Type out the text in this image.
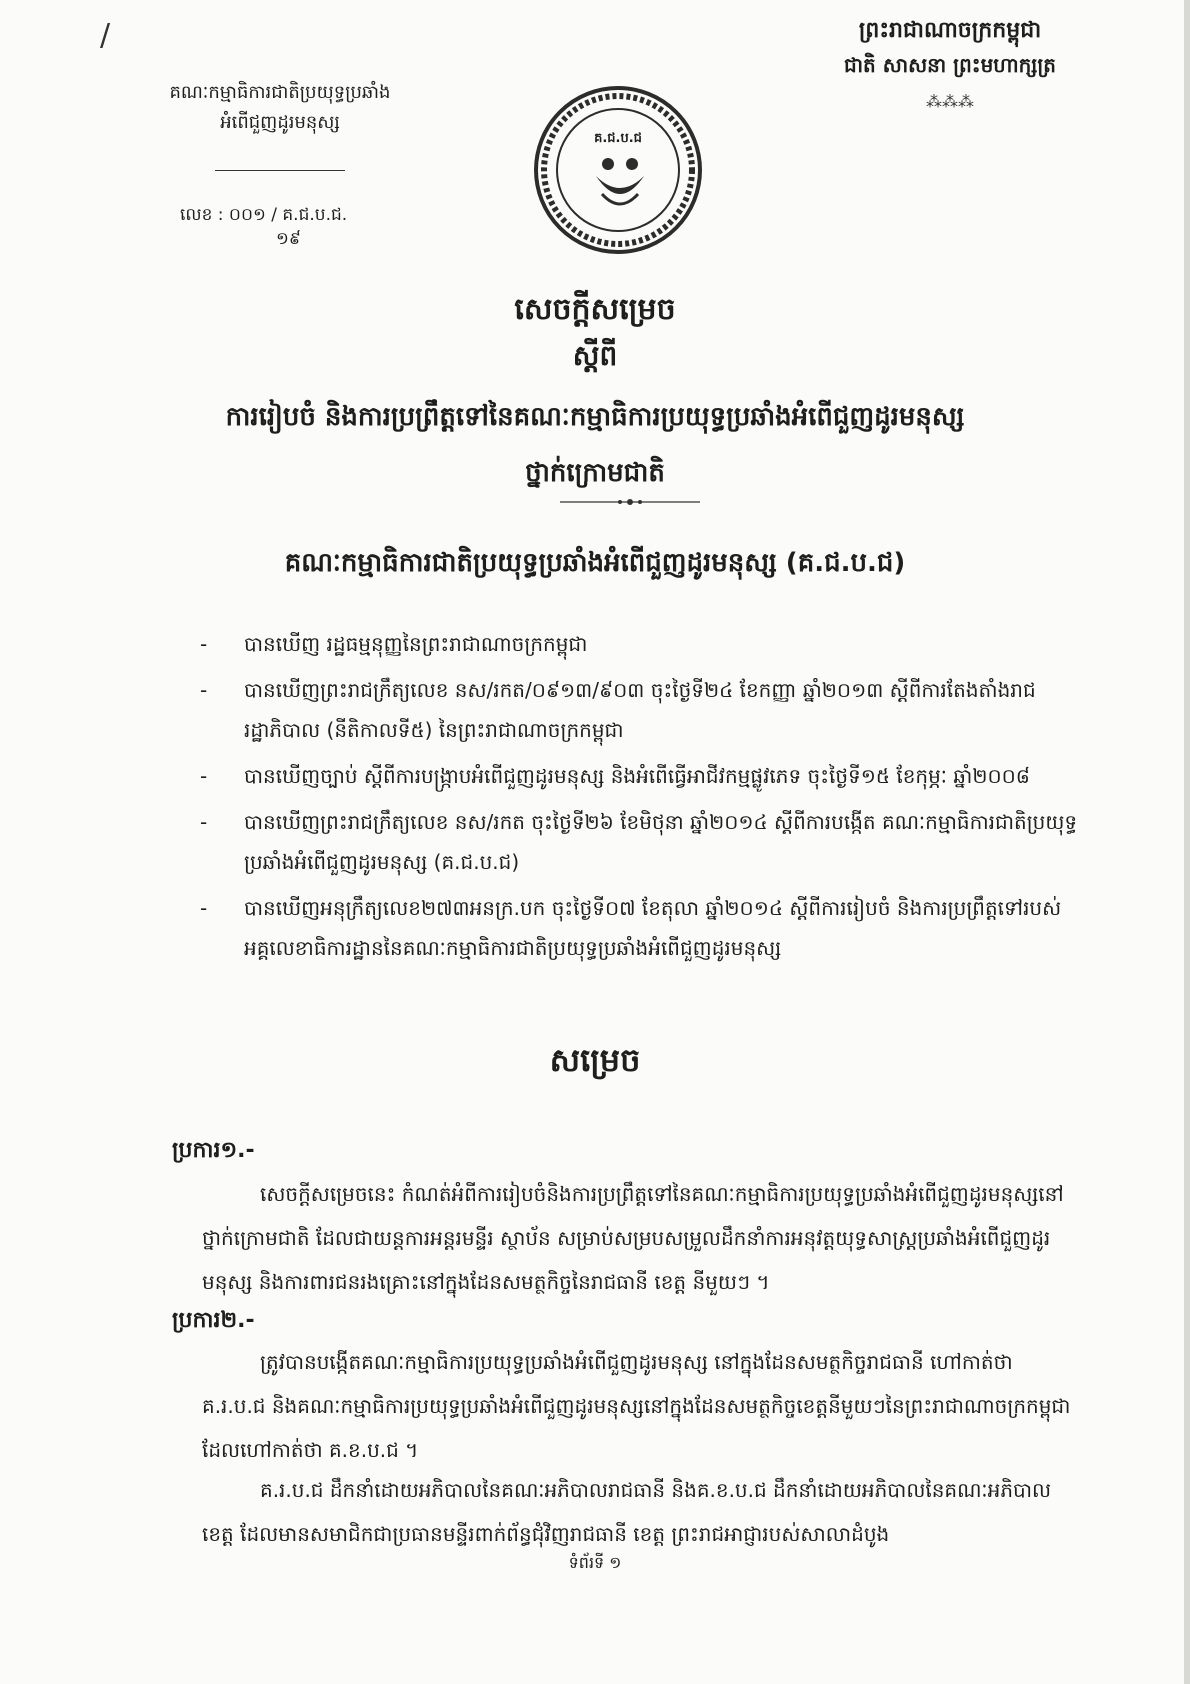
/	ព្រះរាជាណាចក្រកម្ពុជា
ជាតិ សាសនា ព្រះមហាក្សត្រ
⁂⁂⁂
គណៈកម្មាធិការជាតិប្រយុទ្ធប្រឆាំង
អំពើជួញដូរមនុស្ស
លេខ : ០០១ / គ.ជ.ប.ជ.
១៩
គ.ជ.ប.ជ
សេចក្តីសម្រេច
ស្តីពី
ការរៀបចំ និងការប្រព្រឹត្តទៅនៃគណៈកម្មាធិការប្រយុទ្ធប្រឆាំងអំពើជួញដូរមនុស្ស
ថ្នាក់ក្រោមជាតិ
គណៈកម្មាធិការជាតិប្រយុទ្ធប្រឆាំងអំពើជួញដូរមនុស្ស (គ.ជ.ប.ជ)
- បានឃើញ រដ្ឋធម្មនុញ្ញនៃព្រះរាជាណាចក្រកម្ពុជា
- បានឃើញព្រះរាជក្រឹត្យលេខ នស/រកត/០៩១៣/៩០៣ ចុះថ្ងៃទី២៤ ខែកញ្ញា ឆ្នាំ២០១៣ ស្តីពីការតែងតាំងរាជរដ្ឋាភិបាល (នីតិកាលទី៥) នៃព្រះរាជាណាចក្រកម្ពុជា
- បានឃើញច្បាប់ ស្តីពីការបង្ក្រាបអំពើជួញដូរមនុស្ស និងអំពើធ្វើអាជីវកម្មផ្លូវភេទ ចុះថ្ងៃទី១៥ ខែកុម្ភៈ ឆ្នាំ២០០៨
- បានឃើញព្រះរាជក្រឹត្យលេខ នស/រកត ចុះថ្ងៃទី២៦ ខែមិថុនា ឆ្នាំ២០១៤ ស្តីពីការបង្កើត គណៈកម្មាធិការជាតិប្រយុទ្ធប្រឆាំងអំពើជួញដូរមនុស្ស (គ.ជ.ប.ជ)
- បានឃើញអនុក្រឹត្យលេខ២៧៣អនក្រ.បក ចុះថ្ងៃទី០៧ ខែតុលា ឆ្នាំ២០១៤ ស្តីពីការរៀបចំ និងការប្រព្រឹត្តទៅរបស់អគ្គលេខាធិការដ្ឋាននៃគណៈកម្មាធិការជាតិប្រយុទ្ធប្រឆាំងអំពើជួញដូរមនុស្ស
សម្រេច
ប្រការ១.-
សេចក្តីសម្រេចនេះ កំណត់អំពីការរៀបចំនិងការប្រព្រឹត្តទៅនៃគណៈកម្មាធិការប្រយុទ្ធប្រឆាំងអំពើជួញដូរមនុស្សនៅថ្នាក់ក្រោមជាតិ ដែលជាយន្តការអន្តរមន្ទីរ ស្ថាប័ន សម្រាប់សម្របសម្រួលដឹកនាំការអនុវត្តយុទ្ធសាស្ត្រប្រឆាំងអំពើជួញដូរមនុស្ស និងការពារជនរងគ្រោះនៅក្នុងដែនសមត្ថកិច្ចនៃរាជធានី ខេត្ត នីមួយៗ ។
ប្រការ២.-
ត្រូវបានបង្កើតគណៈកម្មាធិការប្រយុទ្ធប្រឆាំងអំពើជួញដូរមនុស្ស នៅក្នុងដែនសមត្ថកិច្ចរាជធានី ហៅកាត់ថា គ.រ.ប.ជ និងគណៈកម្មាធិការប្រយុទ្ធប្រឆាំងអំពើជួញដូរមនុស្សនៅក្នុងដែនសមត្ថកិច្ចខេត្តនីមួយៗនៃព្រះរាជាណាចក្រកម្ពុជា ដែលហៅកាត់ថា គ.ខ.ប.ជ ។
គ.រ.ប.ជ ដឹកនាំដោយអភិបាលនៃគណៈអភិបាលរាជធានី និងគ.ខ.ប.ជ ដឹកនាំដោយអភិបាលនៃគណៈអភិបាលខេត្ត ដែលមានសមាជិកជាប្រធានមន្ទីរពាក់ព័ន្ធជុំវិញរាជធានី ខេត្ត ព្រះរាជអាជ្ញារបស់សាលាដំបូង
ទំព័រទី ១
